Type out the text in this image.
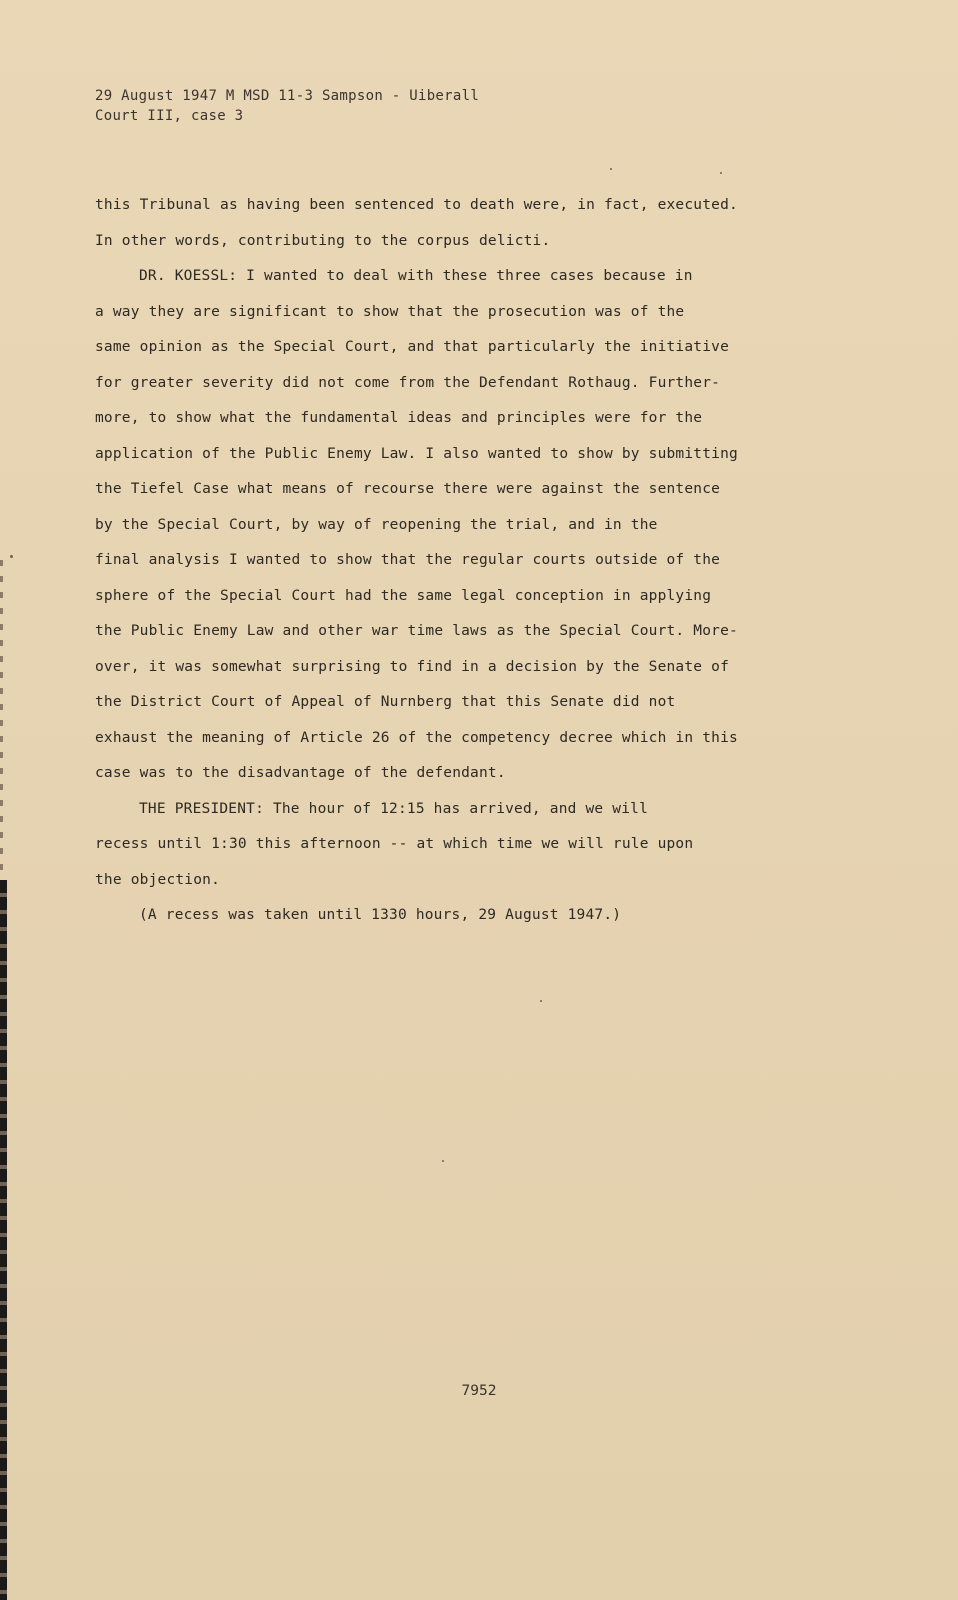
29 August 1947 M MSD 11-3 Sampson - Uiberall
Court III, case 3
this Tribunal as having been sentenced to death were, in fact, executed.
In other words, contributing to the corpus delicti.
DR. KOESSL: I wanted to deal with these three cases because in
a way they are significant to show that the prosecution was of the
same opinion as the Special Court, and that particularly the initiative
for greater severity did not come from the Defendant Rothaug. Further-
more, to show what the fundamental ideas and principles were for the
application of the Public Enemy Law. I also wanted to show by submitting
the Tiefel Case what means of recourse there were against the sentence
by the Special Court, by way of reopening the trial, and in the
final analysis I wanted to show that the regular courts outside of the
sphere of the Special Court had the same legal conception in applying
the Public Enemy Law and other war time laws as the Special Court. More-
over, it was somewhat surprising to find in a decision by the Senate of
the District Court of Appeal of Nurnberg that this Senate did not
exhaust the meaning of Article 26 of the competency decree which in this
case was to the disadvantage of the defendant.
THE PRESIDENT: The hour of 12:15 has arrived, and we will
recess until 1:30 this afternoon -- at which time we will rule upon
the objection.
(A recess was taken until 1330 hours, 29 August 1947.)
7952
